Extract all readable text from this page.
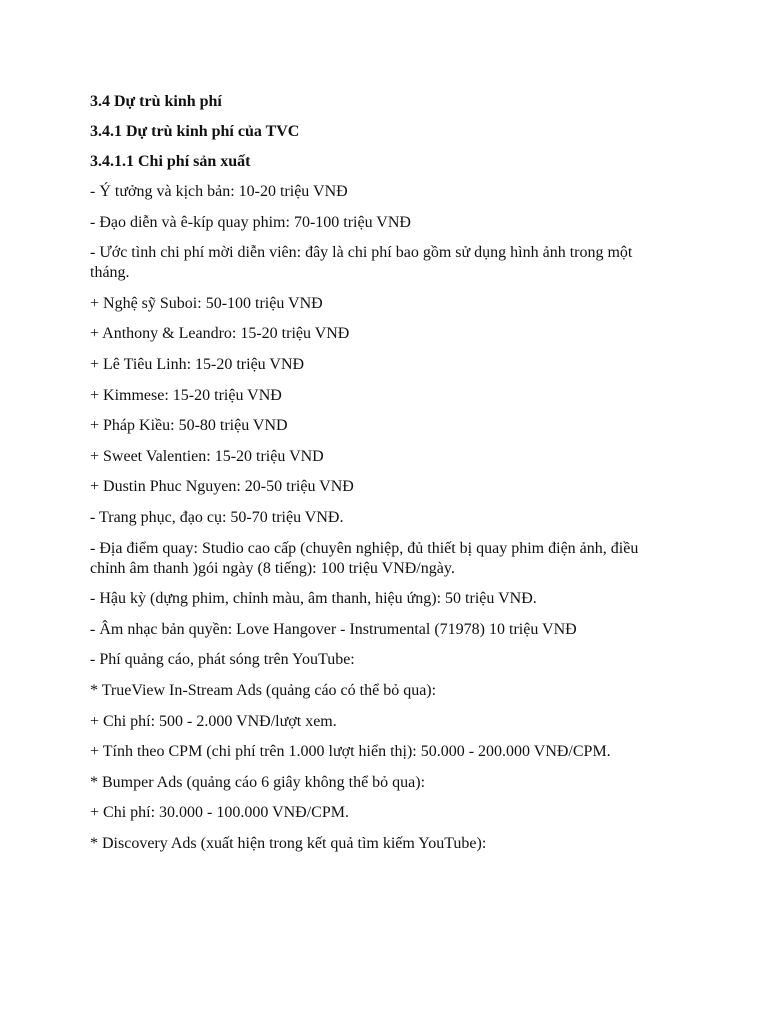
3.4 Dự trù kinh phí
3.4.1 Dự trù kinh phí của TVC
3.4.1.1 Chi phí sản xuất
- Ý tưởng và kịch bản: 10-20 triệu VNĐ
- Đạo diễn và ê-kíp quay phim: 70-100 triệu VNĐ
- Ước tình chi phí mời diễn viên: đây là chi phí bao gồm sử dụng hình ảnh trong một tháng.
+ Nghệ sỹ Suboi: 50-100 triệu VNĐ
+ Anthony & Leandro: 15-20 triệu VNĐ
+ Lê Tiêu Linh: 15-20 triệu VNĐ
+ Kimmese: 15-20 triệu VNĐ
+ Pháp Kiều: 50-80 triệu VND
+ Sweet Valentien: 15-20 triệu VND
+ Dustin Phuc Nguyen: 20-50 triệu VNĐ
- Trang phục, đạo cụ: 50-70 triệu VNĐ.
- Địa điểm quay: Studio cao cấp (chuyên nghiệp, đủ thiết bị quay phim điện ảnh, điều chỉnh âm thanh )gói ngày (8 tiếng): 100 triệu VNĐ/ngày.
- Hậu kỳ (dựng phim, chỉnh màu, âm thanh, hiệu ứng): 50 triệu VNĐ.
- Âm nhạc bản quyền: Love Hangover - Instrumental (71978) 10 triệu VNĐ
- Phí quảng cáo, phát sóng trên YouTube:
* TrueView In-Stream Ads (quảng cáo có thể bỏ qua):
+ Chi phí: 500 - 2.000 VNĐ/lượt xem.
+ Tính theo CPM (chi phí trên 1.000 lượt hiển thị): 50.000 - 200.000 VNĐ/CPM.
* Bumper Ads (quảng cáo 6 giây không thể bỏ qua):
+ Chi phí: 30.000 - 100.000 VNĐ/CPM.
* Discovery Ads (xuất hiện trong kết quả tìm kiếm YouTube):
